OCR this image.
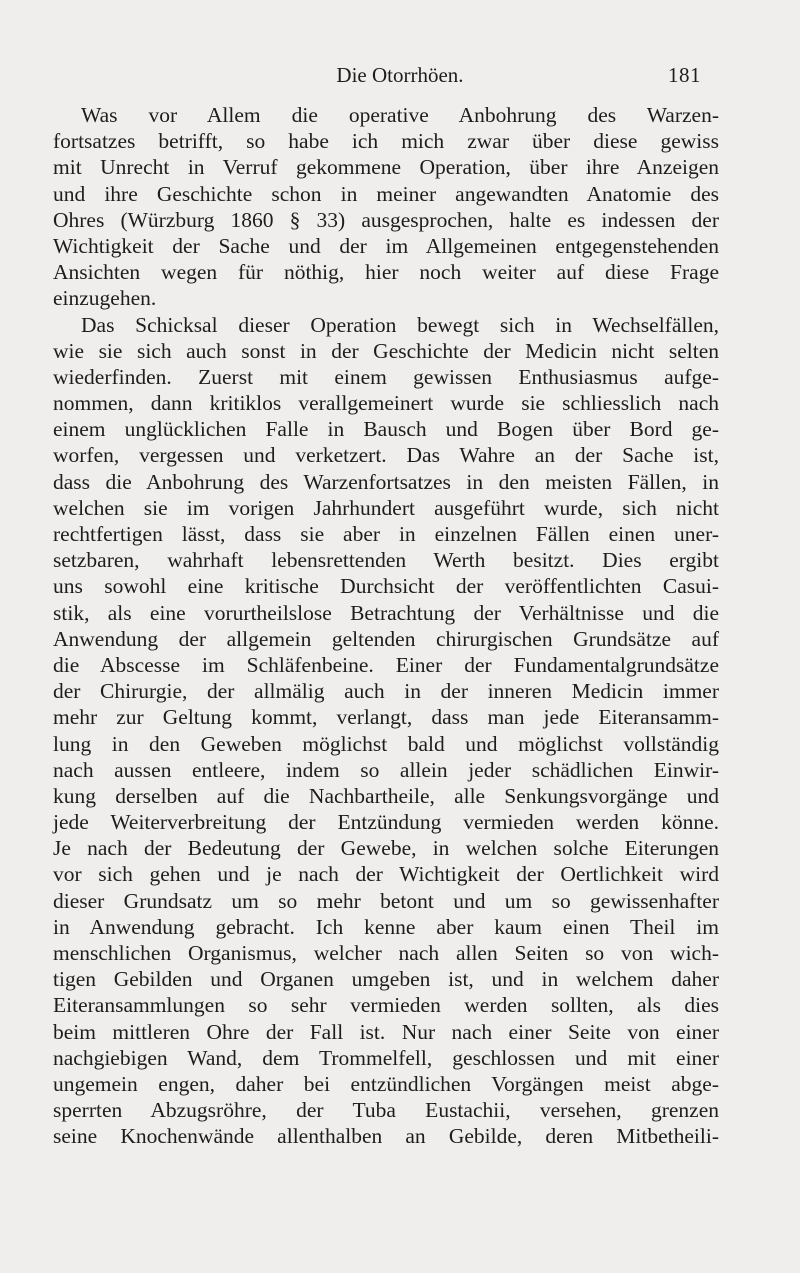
Die Otorrhöen.	181
Was vor Allem die operative Anbohrung des Warzen-
fortsatzes betrifft, so habe ich mich zwar über diese gewiss
mit Unrecht in Verruf gekommene Operation, über ihre Anzeigen
und ihre Geschichte schon in meiner angewandten Anatomie des
Ohres (Würzburg 1860 § 33) ausgesprochen, halte es indessen der
Wichtigkeit der Sache und der im Allgemeinen entgegenstehenden
Ansichten wegen für nöthig, hier noch weiter auf diese Frage
einzugehen.
Das Schicksal dieser Operation bewegt sich in Wechselfällen,
wie sie sich auch sonst in der Geschichte der Medicin nicht selten
wiederfinden. Zuerst mit einem gewissen Enthusiasmus aufge-
nommen, dann kritiklos verallgemeinert wurde sie schliesslich nach
einem unglücklichen Falle in Bausch und Bogen über Bord ge-
worfen, vergessen und verketzert. Das Wahre an der Sache ist,
dass die Anbohrung des Warzenfortsatzes in den meisten Fällen, in
welchen sie im vorigen Jahrhundert ausgeführt wurde, sich nicht
rechtfertigen lässt, dass sie aber in einzelnen Fällen einen uner-
setzbaren, wahrhaft lebensrettenden Werth besitzt. Dies ergibt
uns sowohl eine kritische Durchsicht der veröffentlichten Casui-
stik, als eine vorurtheilslose Betrachtung der Verhältnisse und die
Anwendung der allgemein geltenden chirurgischen Grundsätze auf
die Abscesse im Schläfenbeine. Einer der Fundamentalgrundsätze
der Chirurgie, der allmälig auch in der inneren Medicin immer
mehr zur Geltung kommt, verlangt, dass man jede Eiteransamm-
lung in den Geweben möglichst bald und möglichst vollständig
nach aussen entleere, indem so allein jeder schädlichen Einwir-
kung derselben auf die Nachbartheile, alle Senkungsvorgänge und
jede Weiterverbreitung der Entzündung vermieden werden könne.
Je nach der Bedeutung der Gewebe, in welchen solche Eiterungen
vor sich gehen und je nach der Wichtigkeit der Oertlichkeit wird
dieser Grundsatz um so mehr betont und um so gewissenhafter
in Anwendung gebracht. Ich kenne aber kaum einen Theil im
menschlichen Organismus, welcher nach allen Seiten so von wich-
tigen Gebilden und Organen umgeben ist, und in welchem daher
Eiteransammlungen so sehr vermieden werden sollten, als dies
beim mittleren Ohre der Fall ist. Nur nach einer Seite von einer
nachgiebigen Wand, dem Trommelfell, geschlossen und mit einer
ungemein engen, daher bei entzündlichen Vorgängen meist abge-
sperrten Abzugsröhre, der Tuba Eustachii, versehen, grenzen
seine Knochenwände allenthalben an Gebilde, deren Mitbetheili-
